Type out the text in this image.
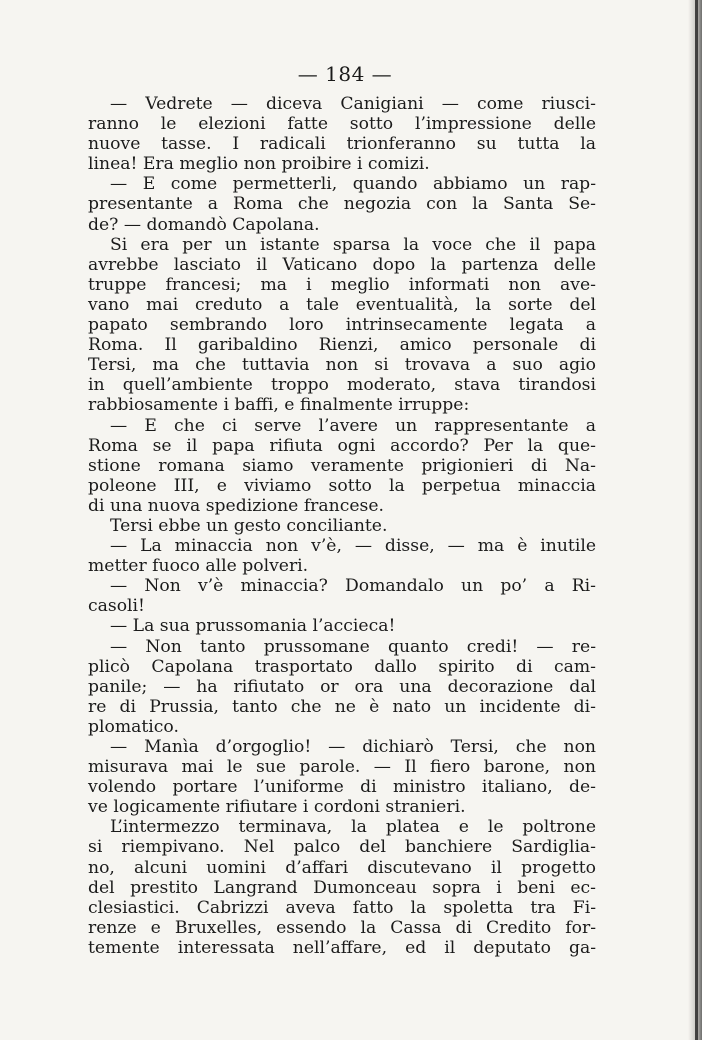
— 184 —
— Vedrete — diceva Canigiani — come riusci-
ranno le elezioni fatte sotto l’impressione delle
nuove tasse. I radicali trionferanno su tutta la
linea! Era meglio non proibire i comizi.
— E come permetterli, quando abbiamo un rap-
presentante a Roma che negozia con la Santa Se-
de? — domandò Capolana.
Si era per un istante sparsa la voce che il papa
avrebbe lasciato il Vaticano dopo la partenza delle
truppe francesi; ma i meglio informati non ave-
vano mai creduto a tale eventualità, la sorte del
papato sembrando loro intrinsecamente legata a
Roma. Il garibaldino Rienzi, amico personale di
Tersi, ma che tuttavia non si trovava a suo agio
in quell’ambiente troppo moderato, stava tirandosi
rabbiosamente i baffi, e finalmente irruppe:
— E che ci serve l’avere un rappresentante a
Roma se il papa rifiuta ogni accordo? Per la que-
stione romana siamo veramente prigionieri di Na-
poleone III, e viviamo sotto la perpetua minaccia
di una nuova spedizione francese.
Tersi ebbe un gesto conciliante.
— La minaccia non v’è, — disse, — ma è inutile
metter fuoco alle polveri.
— Non v’è minaccia? Domandalo un po’ a Ri-
casoli!
— La sua prussomania l’accieca!
— Non tanto prussomane quanto credi! — re-
plicò Capolana trasportato dallo spirito di cam-
panile; — ha rifiutato or ora una decorazione dal
re di Prussia, tanto che ne è nato un incidente di-
plomatico.
— Manìa d’orgoglio! — dichiarò Tersi, che non
misurava mai le sue parole. — Il fiero barone, non
volendo portare l’uniforme di ministro italiano, de-
ve logicamente rifiutare i cordoni stranieri.
L’intermezzo terminava, la platea e le poltrone
si riempivano. Nel palco del banchiere Sardiglia-
no, alcuni uomini d’affari discutevano il progetto
del prestito Langrand Dumonceau sopra i beni ec-
clesiastici. Cabrizzi aveva fatto la spoletta tra Fi-
renze e Bruxelles, essendo la Cassa di Credito for-
temente interessata nell’affare, ed il deputato ga-
